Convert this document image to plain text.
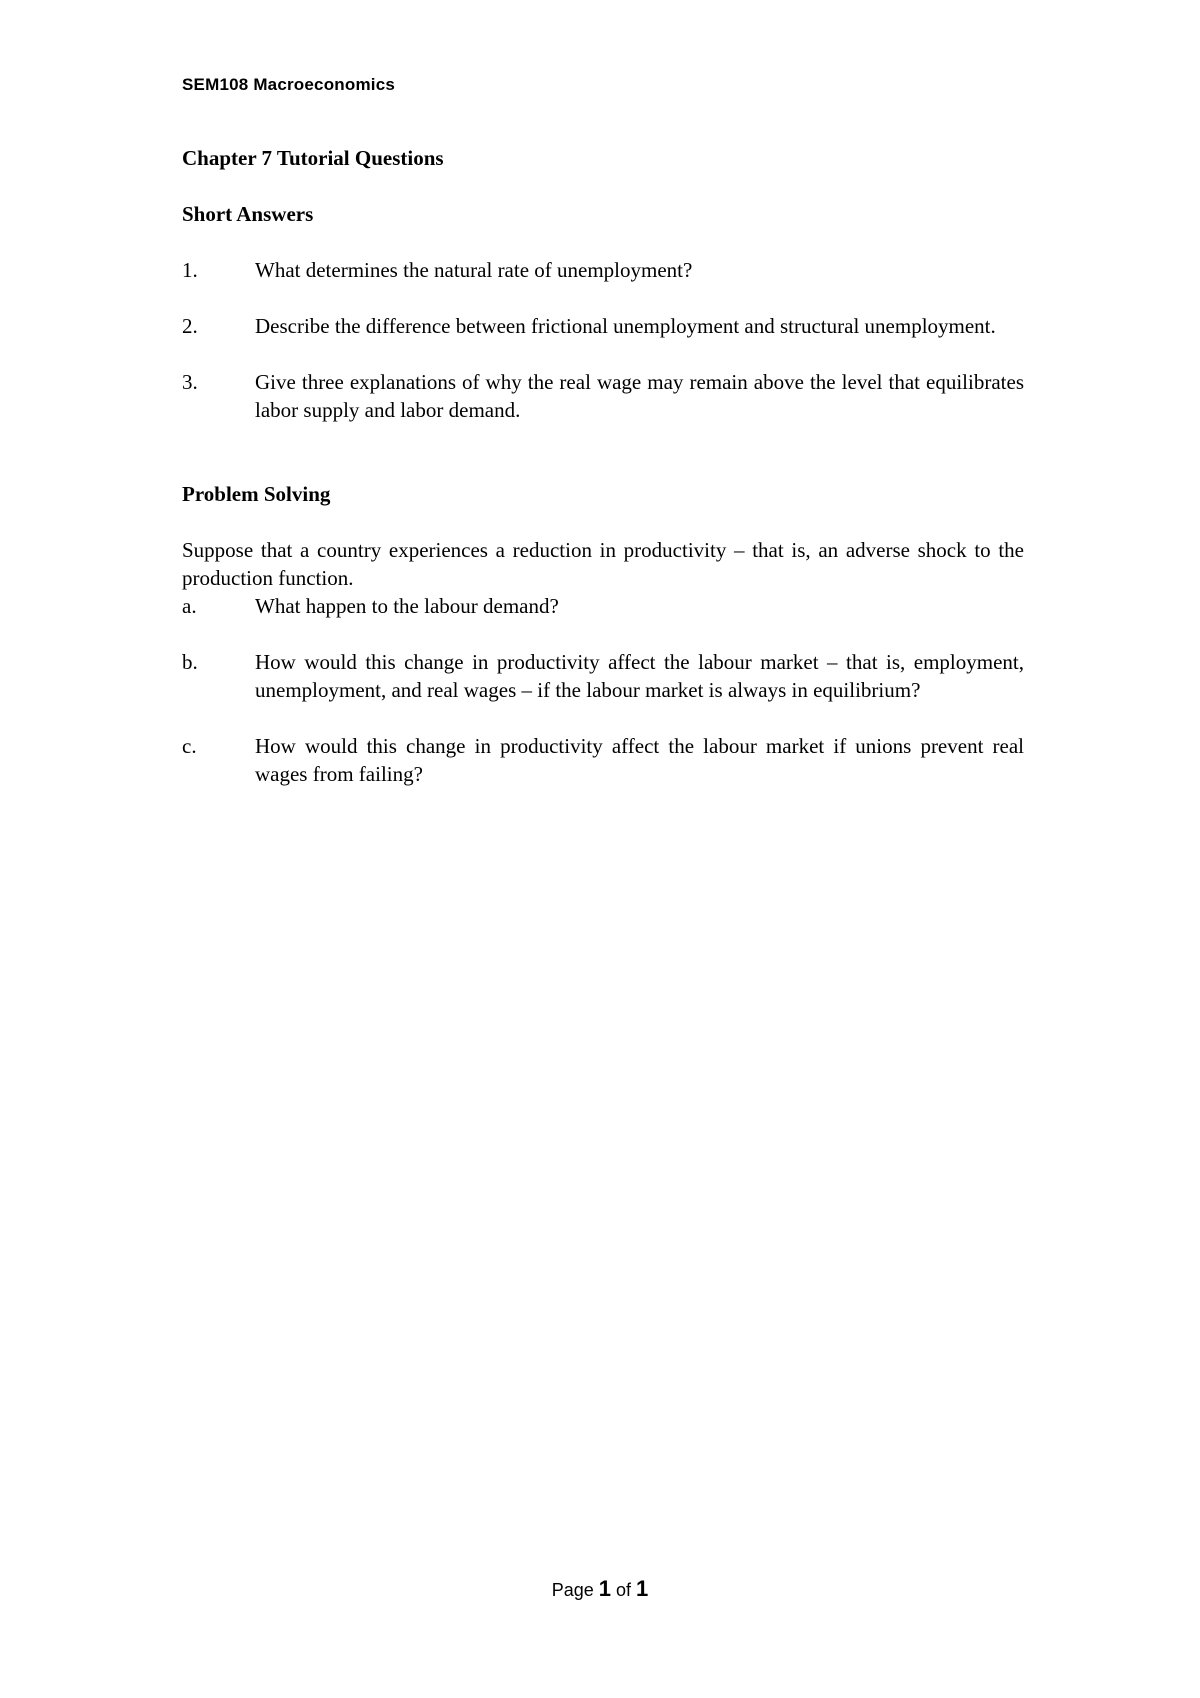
SEM108 Macroeconomics

Chapter 7 Tutorial Questions

Short Answers

1.	What determines the natural rate of unemployment?
2.	Describe the difference between frictional unemployment and structural unemployment.
3.	Give three explanations of why the real wage may remain above the level that equilibrates labor supply and labor demand.

Problem Solving

Suppose that a country experiences a reduction in productivity – that is, an adverse shock to the production function.
a.	What happen to the labour demand?
b.	How would this change in productivity affect the labour market – that is, employment, unemployment, and real wages – if the labour market is always in equilibrium?
c.	How would this change in productivity affect the labour market if unions prevent real wages from failing?
Page 1 of 1
